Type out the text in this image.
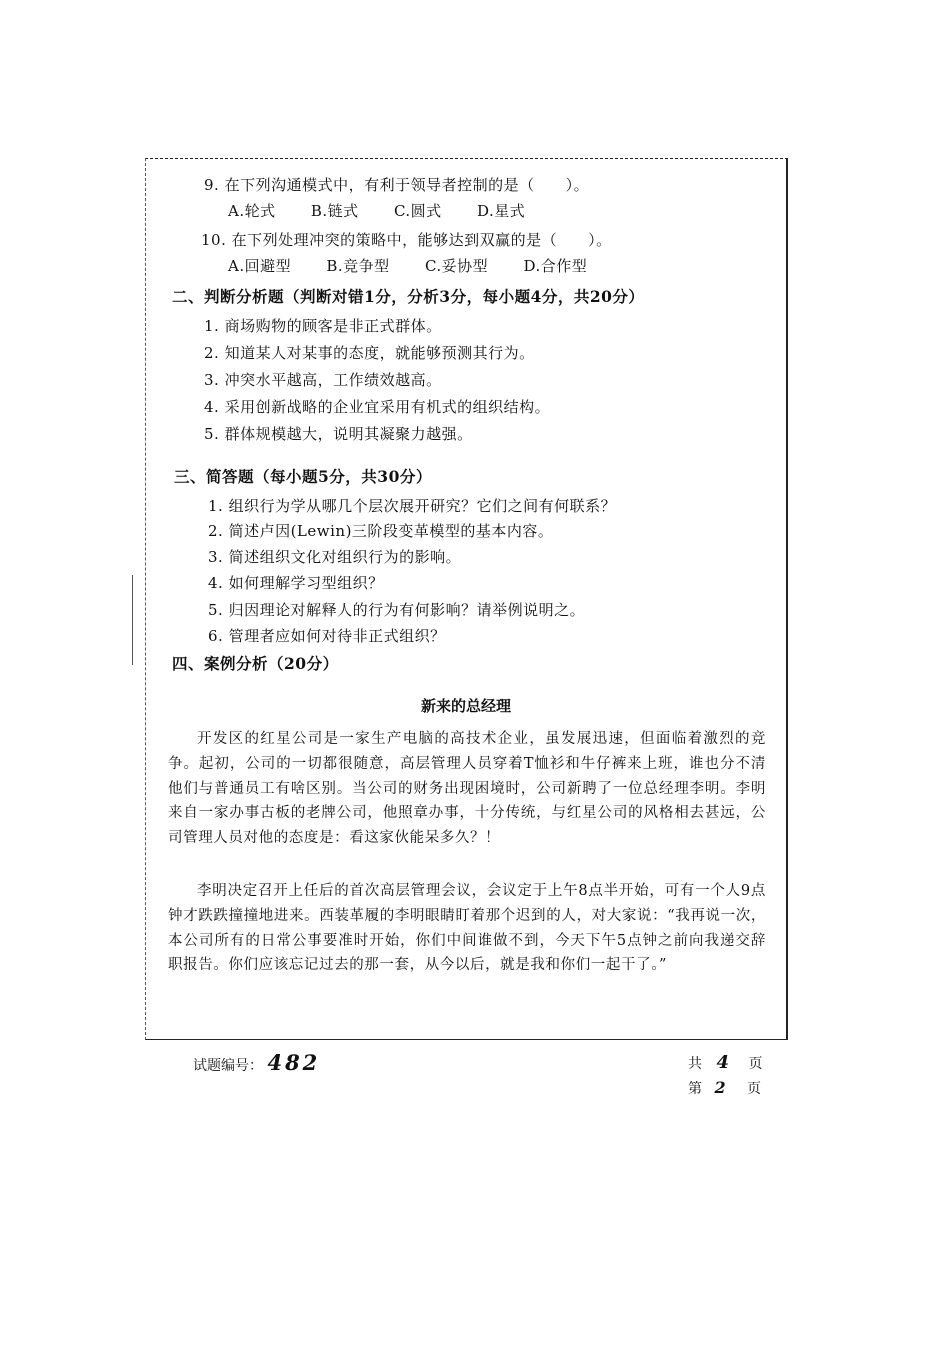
9. 在下列沟通模式中，有利于领导者控制的是（　　）。
A.轮式 B.链式 C.圆式 D.星式
10. 在下列处理冲突的策略中，能够达到双赢的是（　　）。
A.回避型 B.竞争型 C.妥协型 D.合作型
二、判断分析题（判断对错1分，分析3分，每小题4分，共20分）
1. 商场购物的顾客是非正式群体。
2. 知道某人对某事的态度，就能够预测其行为。
3. 冲突水平越高，工作绩效越高。
4. 采用创新战略的企业宜采用有机式的组织结构。
5. 群体规模越大，说明其凝聚力越强。
三、简答题（每小题5分，共30分）
1. 组织行为学从哪几个层次展开研究？它们之间有何联系？
2. 简述卢因(Lewin)三阶段变革模型的基本内容。
3. 简述组织文化对组织行为的影响。
4. 如何理解学习型组织？
5. 归因理论对解释人的行为有何影响？请举例说明之。
6. 管理者应如何对待非正式组织？
四、案例分析（20分）
新来的总经理
开发区的红星公司是一家生产电脑的高技术企业，虽发展迅速，但面临着激烈的竞争。起初，公司的一切都很随意，高层管理人员穿着T恤衫和牛仔裤来上班，谁也分不清他们与普通员工有啥区别。当公司的财务出现困境时，公司新聘了一位总经理李明。李明来自一家办事古板的老牌公司，他照章办事，十分传统，与红星公司的风格相去甚远，公司管理人员对他的态度是：看这家伙能呆多久？！
李明决定召开上任后的首次高层管理会议，会议定于上午8点半开始，可有一个人9点钟才跌跌撞撞地进来。西装革履的李明眼睛盯着那个迟到的人，对大家说：“我再说一次，本公司所有的日常公事要准时开始，你们中间谁做不到，今天下午5点钟之前向我递交辞职报告。你们应该忘记过去的那一套，从今以后，就是我和你们一起干了。”
试题编号： 482	共 4 页
第 2 页
